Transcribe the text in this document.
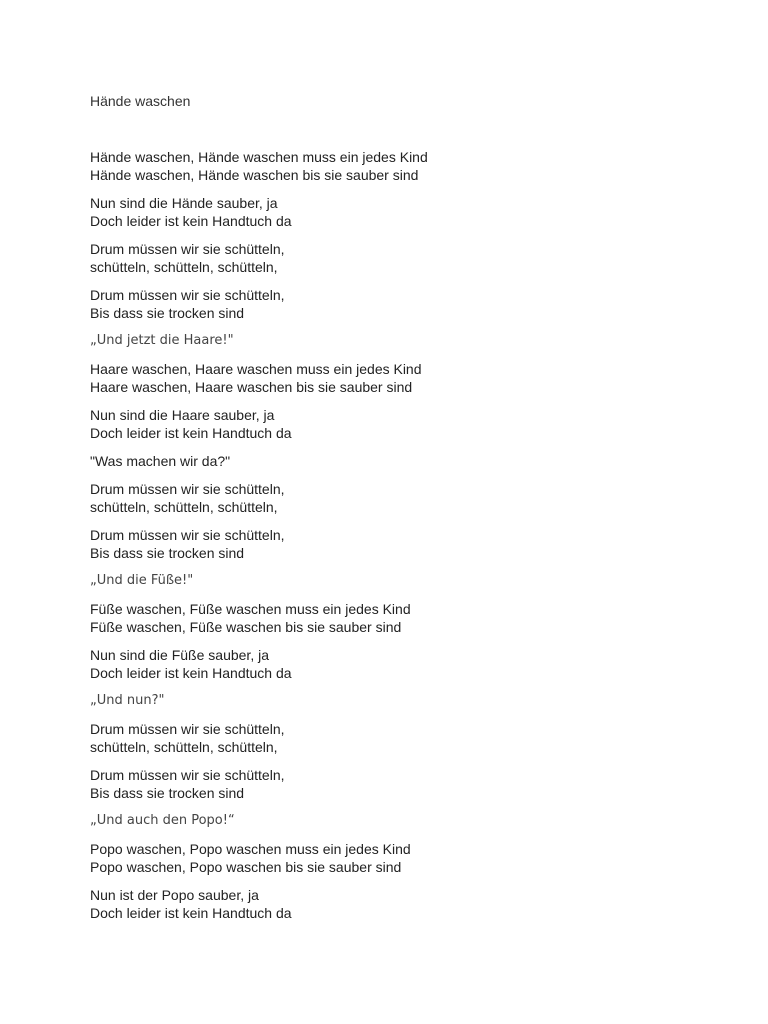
Hände waschen
Hände waschen, Hände waschen muss ein jedes Kind
Hände waschen, Hände waschen bis sie sauber sind
Nun sind die Hände sauber, ja
Doch leider ist kein Handtuch da
Drum müssen wir sie schütteln,
schütteln, schütteln, schütteln,
Drum müssen wir sie schütteln,
Bis dass sie trocken sind
„Und jetzt die Haare!"
Haare waschen, Haare waschen muss ein jedes Kind
Haare waschen, Haare waschen bis sie sauber sind
Nun sind die Haare sauber, ja
Doch leider ist kein Handtuch da
"Was machen wir da?"
Drum müssen wir sie schütteln,
schütteln, schütteln, schütteln,
Drum müssen wir sie schütteln,
Bis dass sie trocken sind
„Und die Füße!"
Füße waschen, Füße waschen muss ein jedes Kind
Füße waschen, Füße waschen bis sie sauber sind
Nun sind die Füße sauber, ja
Doch leider ist kein Handtuch da
„Und nun?"
Drum müssen wir sie schütteln,
schütteln, schütteln, schütteln,
Drum müssen wir sie schütteln,
Bis dass sie trocken sind
„Und auch den Popo!“
Popo waschen, Popo waschen muss ein jedes Kind
Popo waschen, Popo waschen bis sie sauber sind
Nun ist der Popo sauber, ja
Doch leider ist kein Handtuch da
